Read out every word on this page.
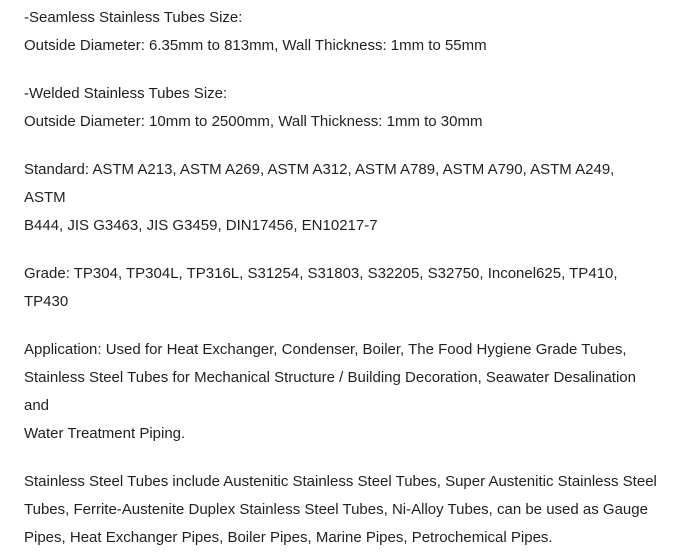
-Seamless Stainless Tubes Size:
Outside Diameter: 6.35mm to 813mm, Wall Thickness: 1mm to 55mm
-Welded Stainless Tubes Size:
Outside Diameter: 10mm to 2500mm, Wall Thickness: 1mm to 30mm
Standard: ASTM A213, ASTM A269, ASTM A312, ASTM A789, ASTM A790, ASTM A249, ASTM
B444, JIS G3463, JIS G3459, DIN17456, EN10217-7
Grade: TP304, TP304L, TP316L, S31254, S31803, S32205, S32750, Inconel625, TP410, TP430
Application: Used for Heat Exchanger, Condenser, Boiler, The Food Hygiene Grade Tubes,
Stainless Steel Tubes for Mechanical Structure / Building Decoration, Seawater Desalination and
Water Treatment Piping.
Stainless Steel Tubes include Austenitic Stainless Steel Tubes, Super Austenitic Stainless Steel
Tubes, Ferrite-Austenite Duplex Stainless Steel Tubes, Ni-Alloy Tubes, can be used as Gauge
Pipes, Heat Exchanger Pipes, Boiler Pipes, Marine Pipes, Petrochemical Pipes.
